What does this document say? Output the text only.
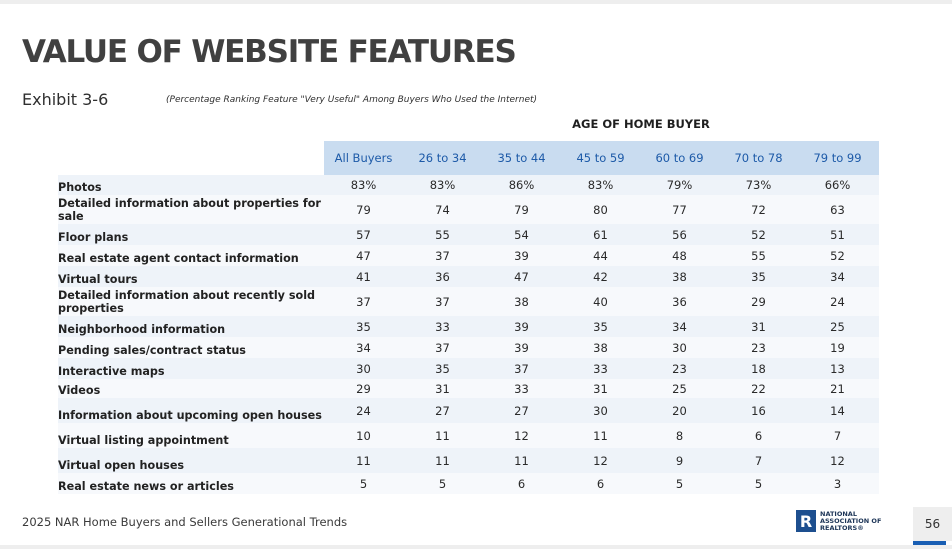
VALUE OF WEBSITE FEATURES
Exhibit 3-6	(Percentage Ranking Feature "Very Useful" Among Buyers Who Used the Internet)
AGE OF HOME BUYER
All Buyers	26 to 34	35 to 44	45 to 59	60 to 69	70 to 78	79 to 99
Photos	83%	83%	86%	83%	79%	73%	66%
Detailed information about properties for sale	79	74	79	80	77	72	63
Floor plans	57	55	54	61	56	52	51
Real estate agent contact information	47	37	39	44	48	55	52
Virtual tours	41	36	47	42	38	35	34
Detailed information about recently sold properties	37	37	38	40	36	29	24
Neighborhood information	35	33	39	35	34	31	25
Pending sales/contract status	34	37	39	38	30	23	19
Interactive maps	30	35	37	33	23	18	13
Videos	29	31	33	31	25	22	21
Information about upcoming open houses	24	27	27	30	20	16	14
Virtual listing appointment	10	11	12	11	8	6	7
Virtual open houses	11	11	11	12	9	7	12
Real estate news or articles	5	5	6	6	5	5	3
2025 NAR Home Buyers and Sellers Generational Trends	R	NATIONAL
ASSOCIATION OF
REALTORS®	56
